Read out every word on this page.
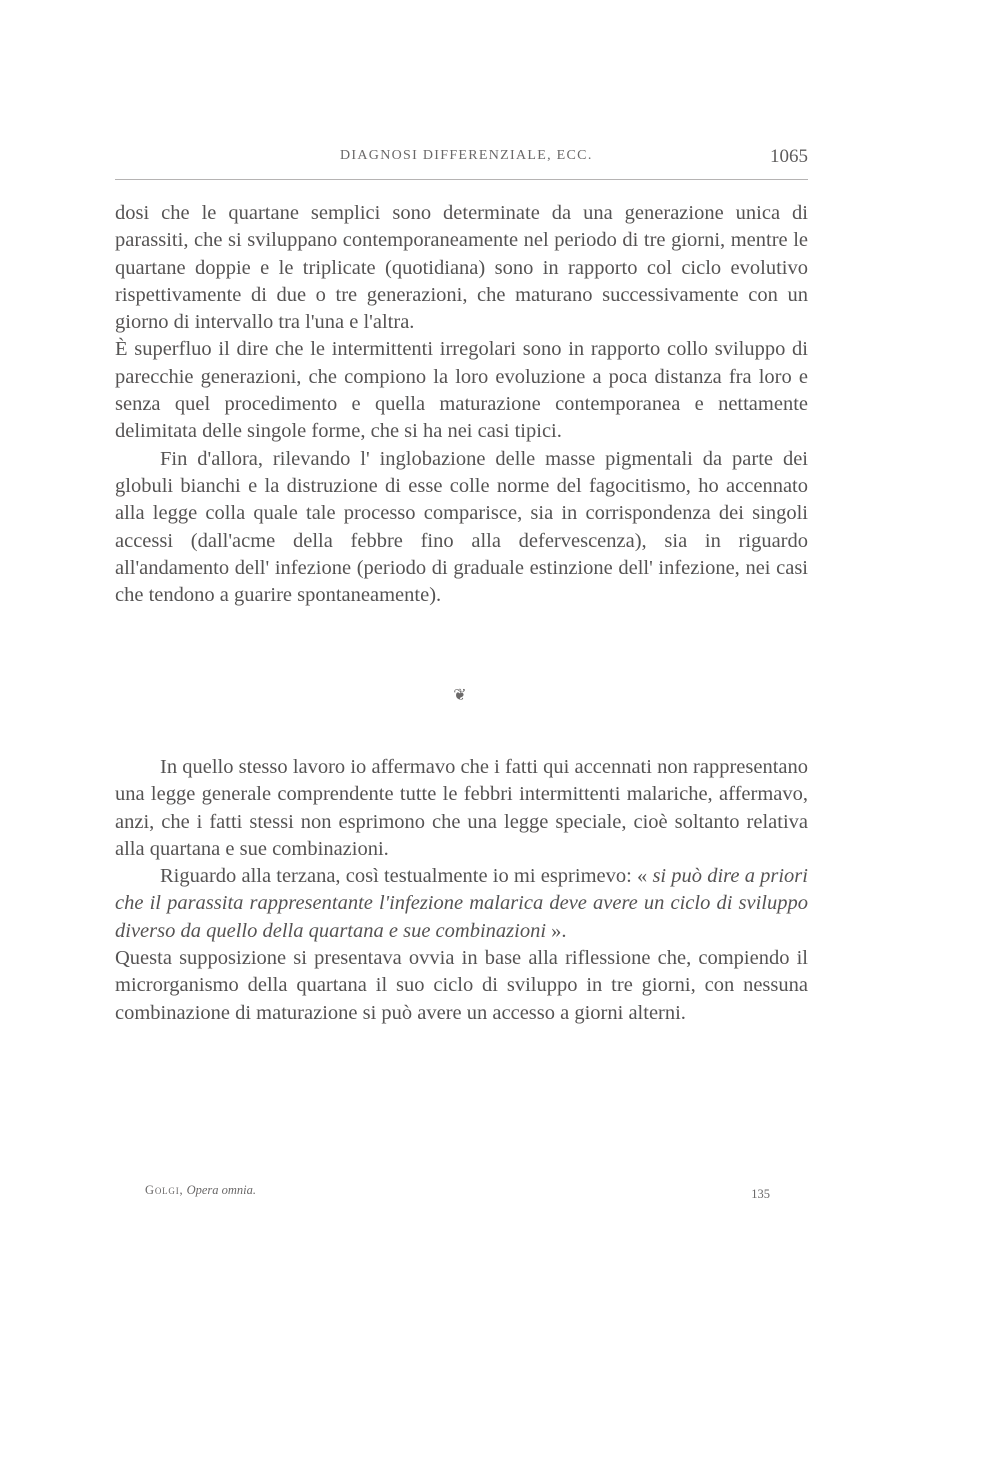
DIAGNOSI DIFFERENZIALE, ECC.	1065

dosi che le quartane semplici sono determinate da una generazione unica di parassiti, che si sviluppano contemporaneamente nel periodo di tre giorni, mentre le quartane doppie e le triplicate (quotidiana) sono in rapporto col ciclo evolutivo rispettivamente di due o tre generazioni, che maturano successivamente con un giorno di intervallo tra l'una e l'altra.

È superfluo il dire che le intermittenti irregolari sono in rapporto collo sviluppo di parecchie generazioni, che compiono la loro evoluzione a poca distanza fra loro e senza quel procedimento e quella maturazione contemporanea e nettamente delimitata delle singole forme, che si ha nei casi tipici.

Fin d'allora, rilevando l' inglobazione delle masse pigmentali da parte dei globuli bianchi e la distruzione di esse colle norme del fagocitismo, ho accennato alla legge colla quale tale processo comparisce, sia in corrispondenza dei singoli accessi (dall'acme della febbre fino alla defervescenza), sia in riguardo all'andamento dell' infezione (periodo di graduale estinzione dell' infezione, nei casi che tendono a guarire spontaneamente).

❦

In quello stesso lavoro io affermavo che i fatti qui accennati non rappresentano una legge generale comprendente tutte le febbri intermittenti malariche, affermavo, anzi, che i fatti stessi non esprimono che una legge speciale, cioè soltanto relativa alla quartana e sue combinazioni.

Riguardo alla terzana, così testualmente io mi esprimevo: « si può dire a priori che il parassita rappresentante l'infezione malarica deve avere un ciclo di sviluppo diverso da quello della quartana e sue combinazioni ».

Questa supposizione si presentava ovvia in base alla riflessione che, compiendo il microrganismo della quartana il suo ciclo di sviluppo in tre giorni, con nessuna combinazione di maturazione si può avere un accesso a giorni alterni.

Golgi, Opera omnia.	135
